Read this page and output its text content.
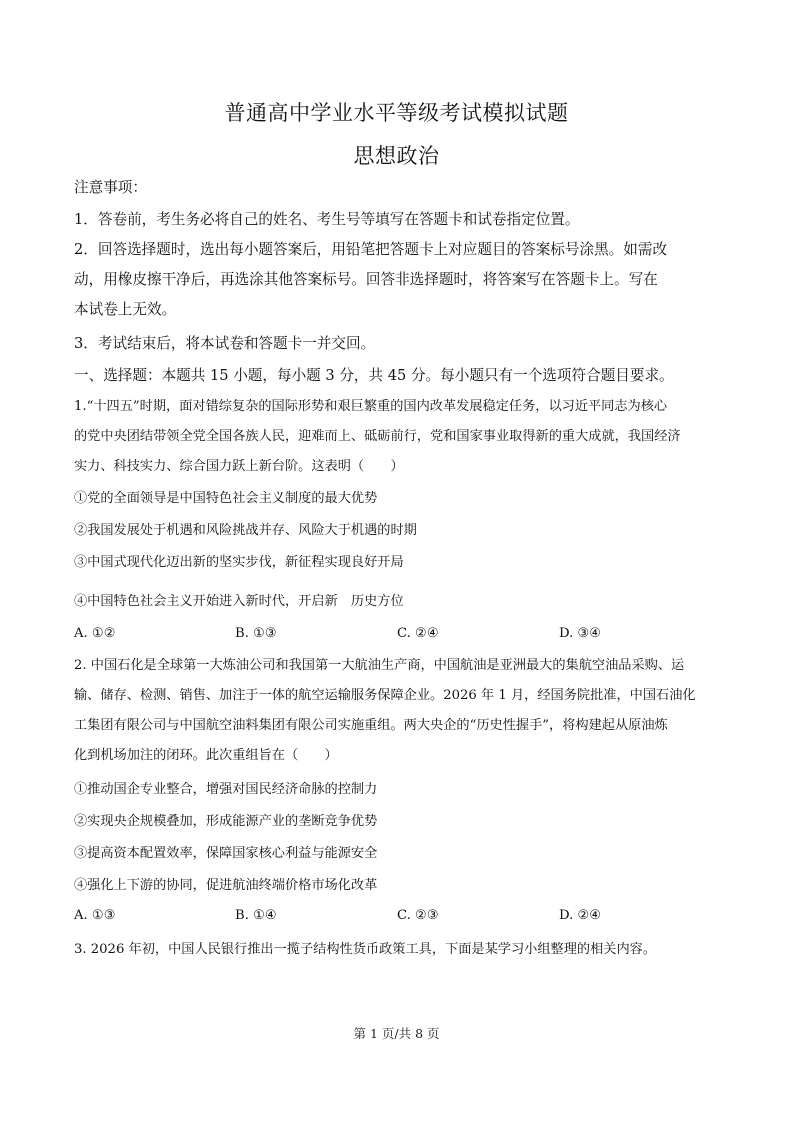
普通高中学业水平等级考试模拟试题
思想政治
注意事项：
1．答卷前，考生务必将自己的姓名、考生号等填写在答题卡和试卷指定位置。
2．回答选择题时，选出每小题答案后，用铅笔把答题卡上对应题目的答案标号涂黑。如需改
动，用橡皮擦干净后，再选涂其他答案标号。回答非选择题时，将答案写在答题卡上。写在
本试卷上无效。
3．考试结束后，将本试卷和答题卡一并交回。
一、选择题：本题共 15 小题，每小题 3 分，共 45 分。每小题只有一个选项符合题目要求。
1.“十四五”时期，面对错综复杂的国际形势和艰巨繁重的国内改革发展稳定任务，以习近平同志为核心
的党中央团结带领全党全国各族人民，迎难而上、砥砺前行，党和国家事业取得新的重大成就，我国经济
实力、科技实力、综合国力跃上新台阶。这表明（　　）
①党的全面领导是中国特色社会主义制度的最大优势
②我国发展处于机遇和风险挑战并存、风险大于机遇的时期
③中国式现代化迈出新的坚实步伐，新征程实现良好开局
④中国特色社会主义开始进入新时代，开启新　历史方位
A. ①②	B. ①③	C. ②④	D. ③④
2. 中国石化是全球第一大炼油公司和我国第一大航油生产商，中国航油是亚洲最大的集航空油品采购、运
输、储存、检测、销售、加注于一体的航空运输服务保障企业。2026 年 1 月，经国务院批准，中国石油化
工集团有限公司与中国航空油料集团有限公司实施重组。两大央企的“历史性握手”，将构建起从原油炼
化到机场加注的闭环。此次重组旨在（　　）
①推动国企专业整合，增强对国民经济命脉的控制力
②实现央企规模叠加，形成能源产业的垄断竞争优势
③提高资本配置效率，保障国家核心利益与能源安全
④强化上下游的协同，促进航油终端价格市场化改革
A. ①③	B. ①④	C. ②③	D. ②④
3. 2026 年初，中国人民银行推出一揽子结构性货币政策工具，下面是某学习小组整理的相关内容。
第 1 页/共 8 页
